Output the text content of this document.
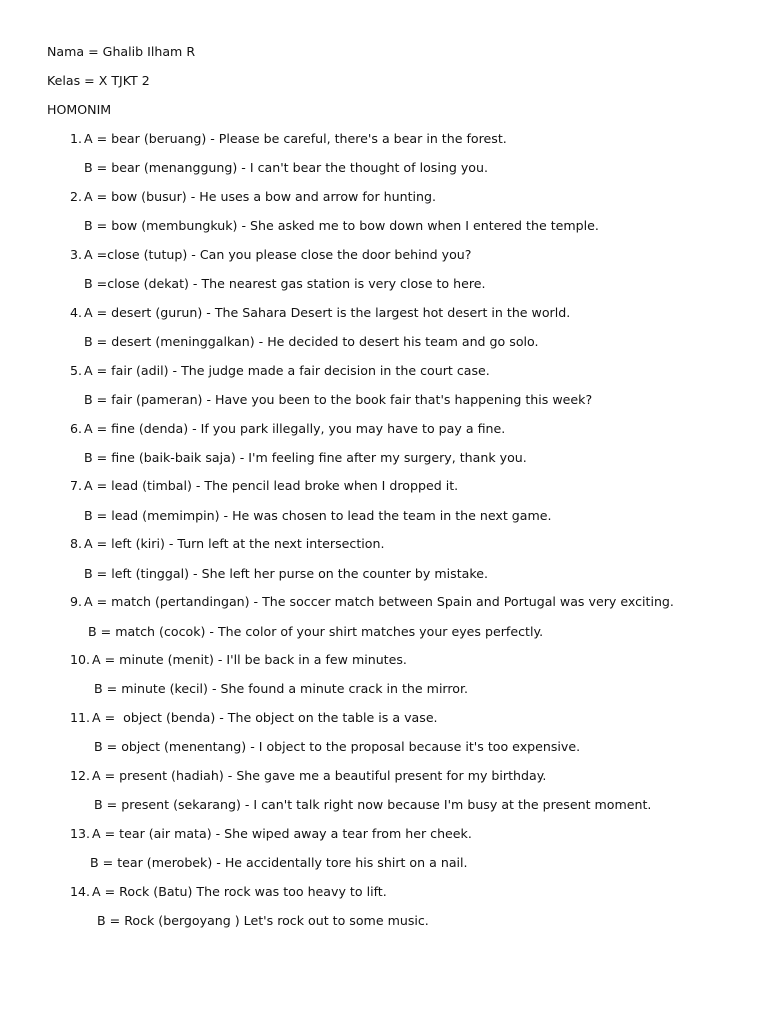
Nama = Ghalib Ilham R
Kelas = X TJKT 2
HOMONIM
1. A = bear (beruang) - Please be careful, there's a bear in the forest.
B = bear (menanggung) - I can't bear the thought of losing you.
2. A = bow (busur) - He uses a bow and arrow for hunting.
B = bow (membungkuk) - She asked me to bow down when I entered the temple.
3. A =close (tutup) - Can you please close the door behind you?
B =close (dekat) - The nearest gas station is very close to here.
4. A = desert (gurun) - The Sahara Desert is the largest hot desert in the world.
B = desert (meninggalkan) - He decided to desert his team and go solo.
5. A = fair (adil) - The judge made a fair decision in the court case.
B = fair (pameran) - Have you been to the book fair that's happening this week?
6. A = fine (denda) - If you park illegally, you may have to pay a fine.
B = fine (baik-baik saja) - I'm feeling fine after my surgery, thank you.
7. A = lead (timbal) - The pencil lead broke when I dropped it.
B = lead (memimpin) - He was chosen to lead the team in the next game.
8. A = left (kiri) - Turn left at the next intersection.
B = left (tinggal) - She left her purse on the counter by mistake.
9. A = match (pertandingan) - The soccer match between Spain and Portugal was very exciting.
B = match (cocok) - The color of your shirt matches your eyes perfectly.
10. A = minute (menit) - I'll be back in a few minutes.
B = minute (kecil) - She found a minute crack in the mirror.
11. A =  object (benda) - The object on the table is a vase.
B = object (menentang) - I object to the proposal because it's too expensive.
12. A = present (hadiah) - She gave me a beautiful present for my birthday.
B = present (sekarang) - I can't talk right now because I'm busy at the present moment.
13. A = tear (air mata) - She wiped away a tear from her cheek.
B = tear (merobek) - He accidentally tore his shirt on a nail.
14. A = Rock (Batu) The rock was too heavy to lift.
B = Rock (bergoyang ) Let's rock out to some music.
